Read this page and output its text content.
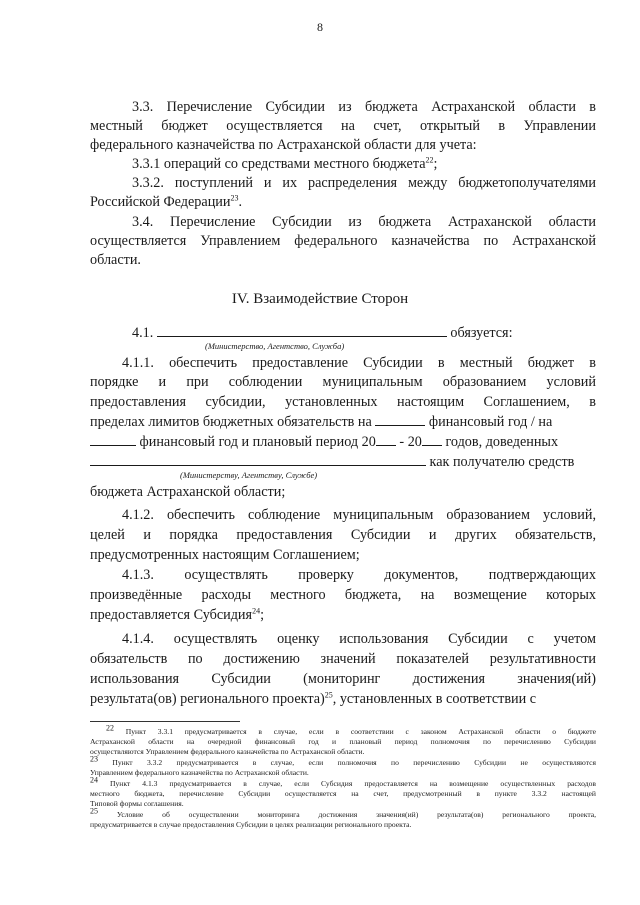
8
3.3. Перечисление Субсидии из бюджета Астраханской области в
местный бюджет осуществляется на счет, открытый в Управлении
федерального казначейства по Астраханской области для учета:
3.3.1 операций со средствами местного бюджета$^{22}$;
3.3.2. поступлений и их распределения между бюджетополучателями
Российской Федерации$^{23}$.
3.4. Перечисление Субсидии из бюджета Астраханской области
осуществляется Управлением федерального казначейства по Астраханской
области.
IV. Взаимодействие Сторон
4.1.	обязуется:
(Министерство, Агентство, Служба)
4.1.1. обеспечить предоставление Субсидии в местный бюджет в
порядке и при соблюдении муниципальным образованием условий
предоставления субсидии, установленных настоящим Соглашением, в
пределах лимитов бюджетных обязательств на	финансовый год / на
финансовый год и плановый период 20 - 20 годов, доведенных
как получателю средств
(Министерству, Агентству, Службе)
бюджета Астраханской области;
4.1.2. обеспечить соблюдение муниципальным образованием условий,
целей и порядка предоставления Субсидии и других обязательств,
предусмотренных настоящим Соглашением;
4.1.3. осуществлять проверку документов, подтверждающих
произведённые расходы местного бюджета, на возмещение которых
предоставляется Субсидия$^{24}$;
4.1.4. осуществлять оценку использования Субсидии с учетом
обязательств по достижению значений показателей результативности
использования Субсидии (мониторинг достижения значения(ий)
результата(ов) регионального проекта)$^{25}$, установленных в соответствии с
$^{22}$ Пункт 3.3.1 предусматривается в случае, если в соответствии с законом Астраханской области о бюджете
Астраханской области на очередной финансовый год и плановый период полномочия по перечислению Субсидии
осуществляются Управлением федерального казначейства по Астраханской области.
$^{23}$ Пункт 3.3.2 предусматривается в случае, если полномочия по перечислению Субсидии не осуществляются
Управлением федерального казначейства по Астраханской области.
$^{24}$ Пункт 4.1.3 предусматривается в случае, если Субсидия предоставляется на возмещение осуществленных расходов
местного бюджета, перечисление Субсидии осуществляется на счет, предусмотренный в пункте 3.3.2 настоящей
Типовой формы соглашения.
$^{25}$ Условие об осуществлении мониторинга достижения значения(ий) результата(ов) регионального проекта,
предусматривается в случае предоставления Субсидии в целях реализации регионального проекта.
